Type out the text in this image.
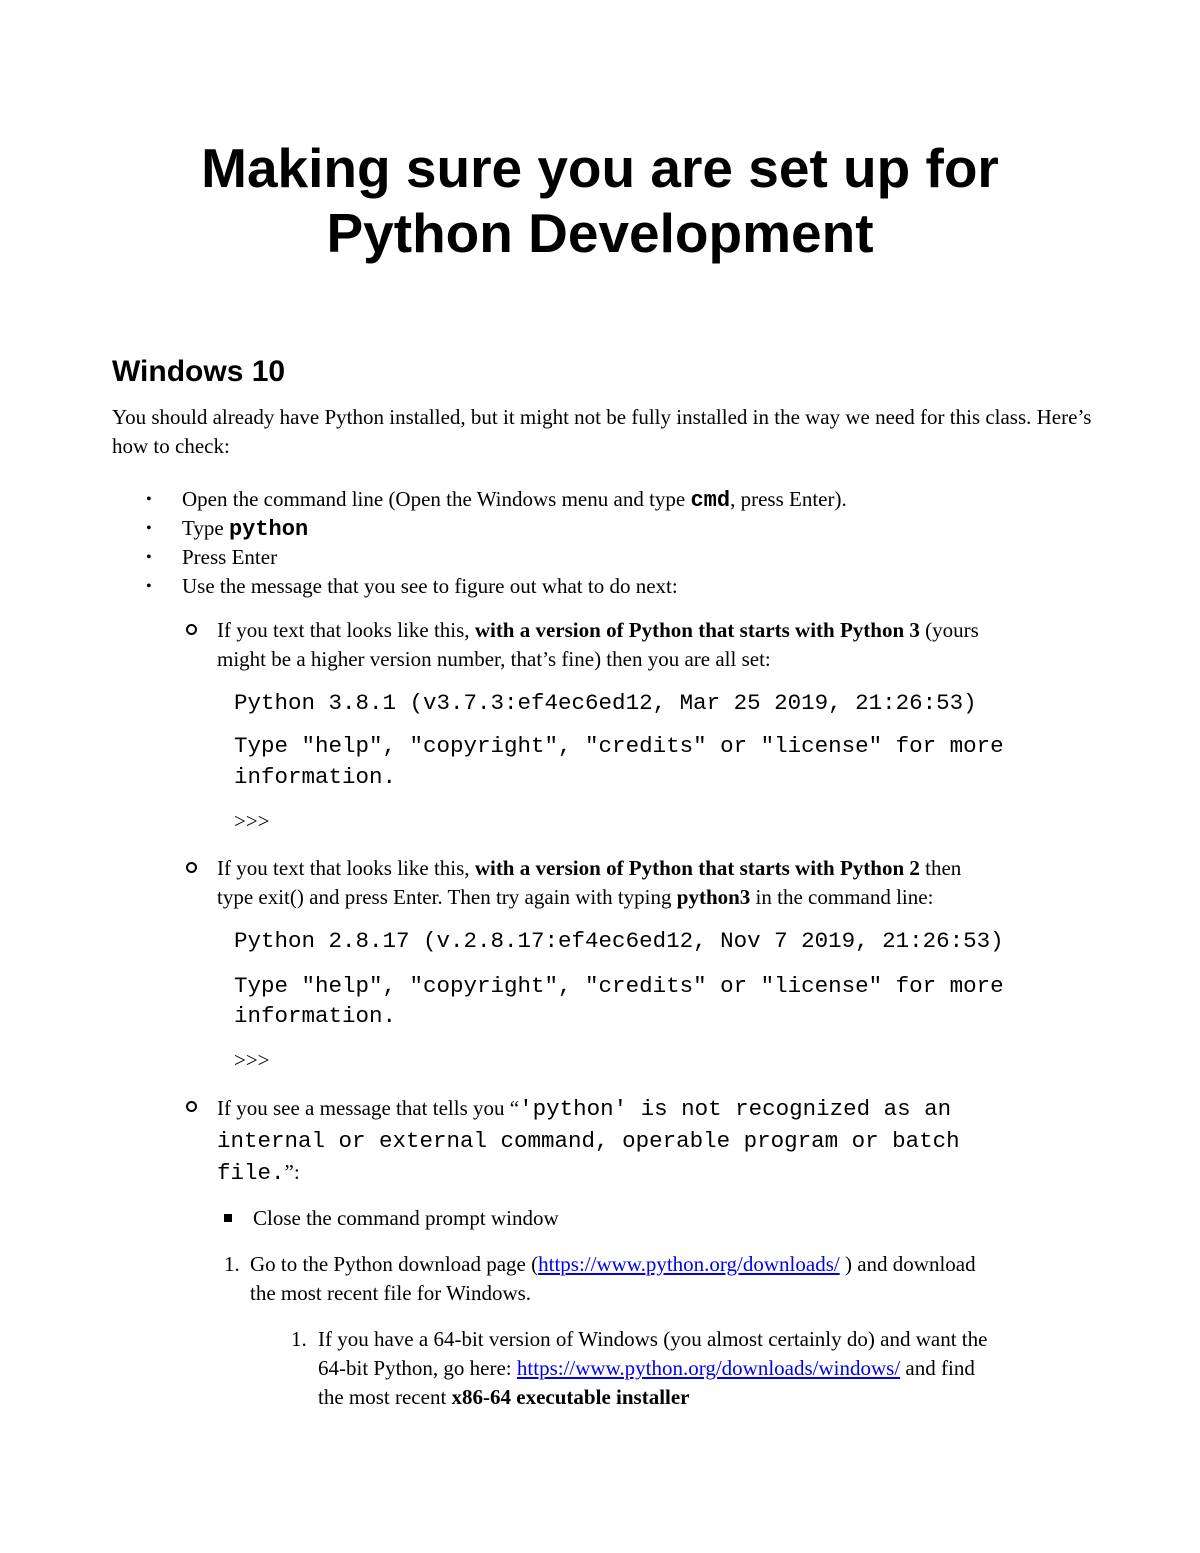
Making sure you are set up for
Python Development
Windows 10

You should already have Python installed, but it might not be fully installed in the way we need for this class. Here’s how to check:

• Open the command line (Open the Windows menu and type cmd, press Enter).

• Type python

• Press Enter

• Use the message that you see to figure out what to do next:

If you text that looks like this, with a version of Python that starts with Python 3 (yours
might be a higher version number, that’s fine) then you are all set:

Python 3.8.1 (v3.7.3:ef4ec6ed12, Mar 25 2019, 21:26:53)

Type "help", "copyright", "credits" or "license" for more

information.

>>>

If you text that looks like this, with a version of Python that starts with Python 2 then
type exit() and press Enter. Then try again with typing python3 in the command line:

Python 2.8.17 (v.2.8.17:ef4ec6ed12, Nov 7 2019, 21:26:53)

Type "help", "copyright", "credits" or "license" for more

information.

>>>

If you see a message that tells you “'python' is not recognized as an
internal or external command, operable program or batch
file.”:

Close the command prompt window

1. Go to the Python download page (https://www.python.org/downloads/ ) and download
the most recent file for Windows.

1. If you have a 64-bit version of Windows (you almost certainly do) and want the
64-bit Python, go here: https://www.python.org/downloads/windows/ and find
the most recent x86-64 executable installer
